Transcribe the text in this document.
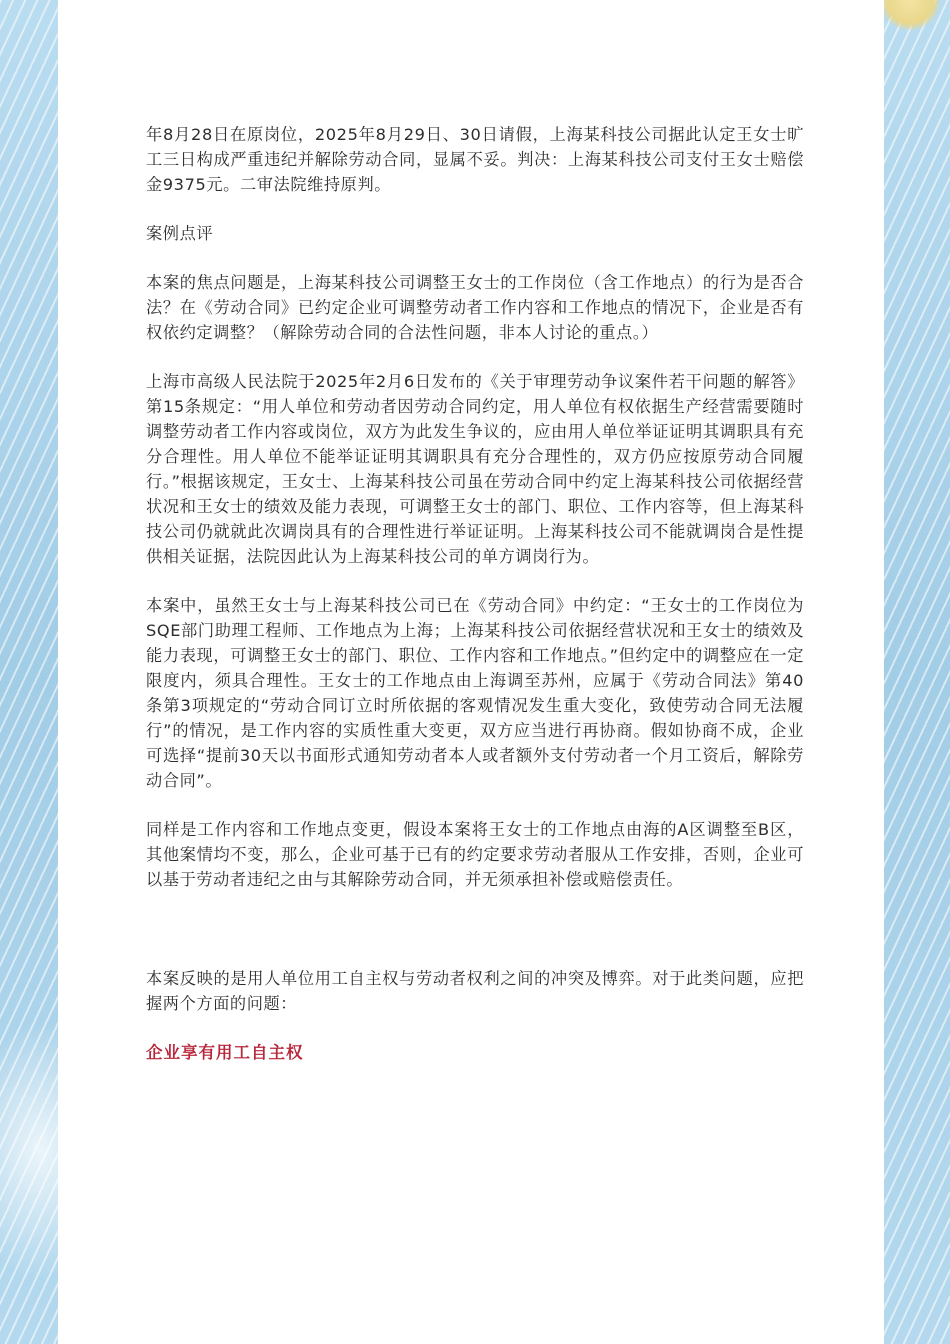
年8月28日在原岗位，2025年8月29日、30日请假，上海某科技公司据此认定王女士旷工三日构成严重违纪并解除劳动合同，显属不妥。判决：上海某科技公司支付王女士赔偿金9375元。二审法院维持原判。

案例点评

本案的焦点问题是，上海某科技公司调整王女士的工作岗位（含工作地点）的行为是否合法？在《劳动合同》已约定企业可调整劳动者工作内容和工作地点的情况下，企业是否有权依约定调整？（解除劳动合同的合法性问题，非本人讨论的重点。）

上海市高级人民法院于2025年2月6日发布的《关于审理劳动争议案件若干问题的解答》第15条规定：“用人单位和劳动者因劳动合同约定，用人单位有权依据生产经营需要随时调整劳动者工作内容或岗位，双方为此发生争议的，应由用人单位举证证明其调职具有充分合理性。用人单位不能举证证明其调职具有充分合理性的，双方仍应按原劳动合同履行。”根据该规定，王女士、上海某科技公司虽在劳动合同中约定上海某科技公司依据经营状况和王女士的绩效及能力表现，可调整王女士的部门、职位、工作内容等，但上海某科技公司仍就就此次调岗具有的合理性进行举证证明。上海某科技公司不能就调岗合是性提供相关证据，法院因此认为上海某科技公司的单方调岗行为。

本案中，虽然王女士与上海某科技公司已在《劳动合同》中约定：“王女士的工作岗位为SQE部门助理工程师、工作地点为上海；上海某科技公司依据经营状况和王女士的绩效及能力表现，可调整王女士的部门、职位、工作内容和工作地点。”但约定中的调整应在一定限度内，须具合理性。王女士的工作地点由上海调至苏州，应属于《劳动合同法》第40条第3项规定的“劳动合同订立时所依据的客观情况发生重大变化，致使劳动合同无法履行”的情况，是工作内容的实质性重大变更，双方应当进行再协商。假如协商不成，企业可选择“提前30天以书面形式通知劳动者本人或者额外支付劳动者一个月工资后，解除劳动合同”。

同样是工作内容和工作地点变更，假设本案将王女士的工作地点由海的A区调整至B区，其他案情均不变，那么，企业可基于已有的约定要求劳动者服从工作安排，否则，企业可以基于劳动者违纪之由与其解除劳动合同，并无须承担补偿或赔偿责任。

本案反映的是用人单位用工自主权与劳动者权利之间的冲突及博弈。对于此类问题，应把握两个方面的问题：

企业享有用工自主权
